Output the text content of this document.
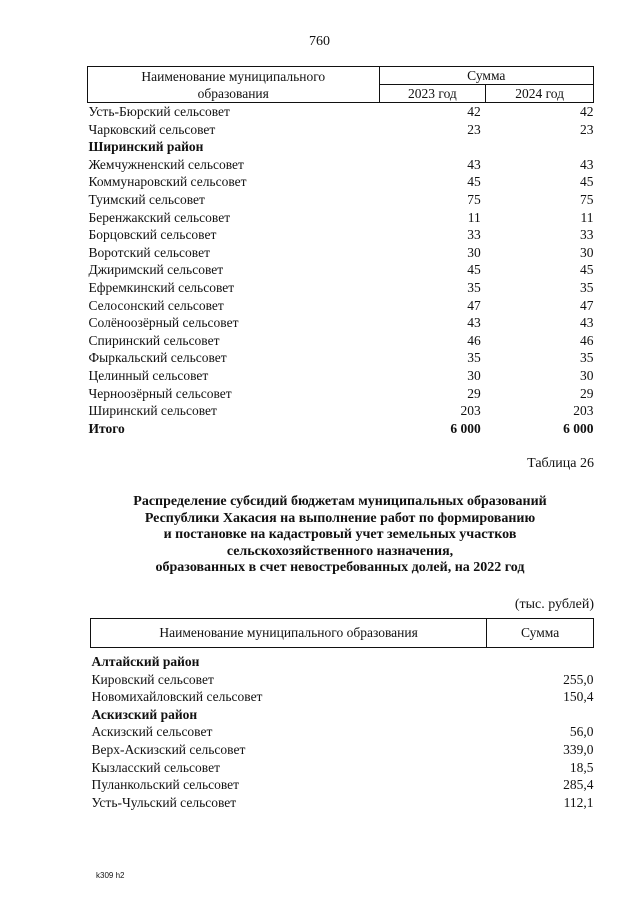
760
Наименование муниципального образования	Сумма	
	2023 год	2024 год
Усть-Бюрский сельсовет	42	42
Чарковский сельсовет	23	23
Ширинский район		
Жемчужненский сельсовет	43	43
Коммунаровский сельсовет	45	45
Туимский сельсовет	75	75
Беренжакский сельсовет	11	11
Борцовский сельсовет	33	33
Воротский сельсовет	30	30
Джиримский сельсовет	45	45
Ефремкинский сельсовет	35	35
Селосонский сельсовет	47	47
Солёноозёрный сельсовет	43	43
Спиринский сельсовет	46	46
Фыркальский сельсовет	35	35
Целинный сельсовет	30	30
Черноозёрный сельсовет	29	29
Ширинский сельсовет	203	203
Итого	6 000	6 000
Таблица 26
Распределение субсидий бюджетам муниципальных образований
Республики Хакасия на выполнение работ по формированию
и постановке на кадастровый учет земельных участков
сельскохозяйственного назначения,
образованных в счет невостребованных долей, на 2022 год
(тыс. рублей)
Наименование муниципального образования	Сумма
Алтайский район	
Кировский сельсовет	255,0
Новомихайловский сельсовет	150,4
Аскизский район	
Аскизский сельсовет	56,0
Верх-Аскизский сельсовет	339,0
Кызласский сельсовет	18,5
Пуланкольский сельсовет	285,4
Усть-Чульский сельсовет	112,1
k309 h2
